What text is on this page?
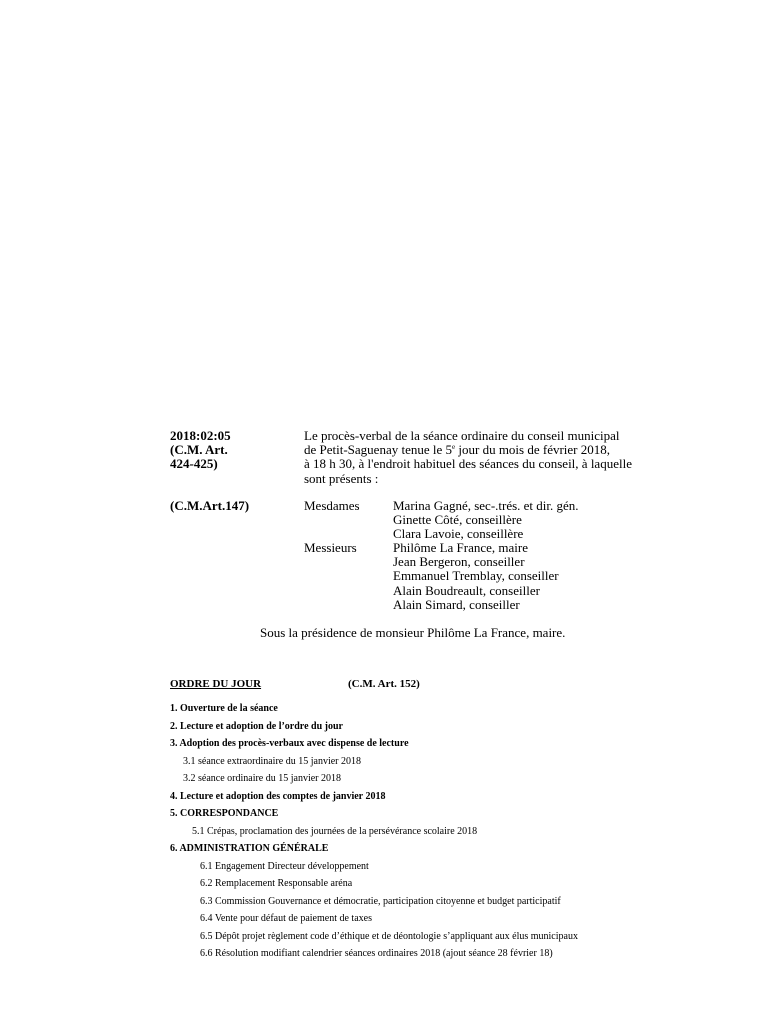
2018:02:05
(C.M. Art.
424-425)
Le procès-verbal de la séance ordinaire du conseil municipal
de Petit-Saguenay tenue le 5e jour du mois de février 2018,
à 18 h 30, à l'endroit habituel des séances du conseil, à laquelle
sont présents :
(C.M.Art.147)	Mesdames	Marina Gagné, sec-.trés. et dir. gén.
Ginette Côté, conseillère
Clara Lavoie, conseillère
Messieurs	Philôme La France, maire
Jean Bergeron, conseiller
Emmanuel Tremblay, conseiller
Alain Boudreault, conseiller
Alain Simard, conseiller
Sous la présidence de monsieur Philôme La France, maire.
ORDRE DU JOUR	(C.M. Art. 152)
1. Ouverture de la séance
2. Lecture et adoption de l’ordre du jour
3. Adoption des procès-verbaux avec dispense de lecture
3.1 séance extraordinaire du 15 janvier 2018
3.2 séance ordinaire du 15 janvier 2018
4. Lecture et adoption des comptes de janvier 2018
5. CORRESPONDANCE
5.1 Crépas, proclamation des journées de la persévérance scolaire 2018
6. ADMINISTRATION GÉNÉRALE
6.1 Engagement Directeur développement
6.2 Remplacement Responsable aréna
6.3 Commission Gouvernance et démocratie, participation citoyenne et budget participatif
6.4 Vente pour défaut de paiement de taxes
6.5 Dépôt projet règlement code d’éthique et de déontologie s’appliquant aux élus municipaux
6.6 Résolution modifiant calendrier séances ordinaires 2018 (ajout séance 28 février 18)
